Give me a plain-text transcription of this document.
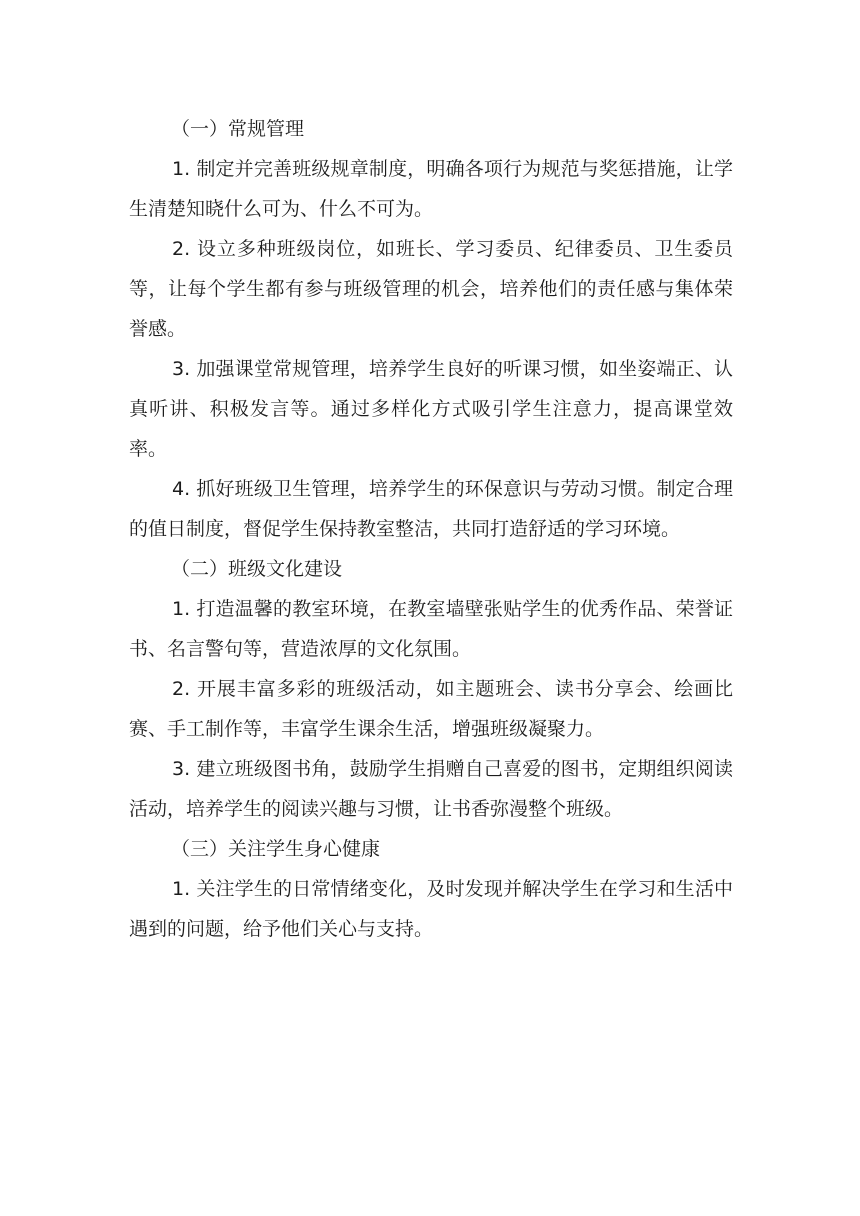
（一）常规管理

1. 制定并完善班级规章制度，明确各项行为规范与奖惩措施，让学生清楚知晓什么可为、什么不可为。

2. 设立多种班级岗位，如班长、学习委员、纪律委员、卫生委员等，让每个学生都有参与班级管理的机会，培养他们的责任感与集体荣誉感。

3. 加强课堂常规管理，培养学生良好的听课习惯，如坐姿端正、认真听讲、积极发言等。通过多样化方式吸引学生注意力，提高课堂效率。

4. 抓好班级卫生管理，培养学生的环保意识与劳动习惯。制定合理的值日制度，督促学生保持教室整洁，共同打造舒适的学习环境。

（二）班级文化建设

1. 打造温馨的教室环境，在教室墙壁张贴学生的优秀作品、荣誉证书、名言警句等，营造浓厚的文化氛围。

2. 开展丰富多彩的班级活动，如主题班会、读书分享会、绘画比赛、手工制作等，丰富学生课余生活，增强班级凝聚力。

3. 建立班级图书角，鼓励学生捐赠自己喜爱的图书，定期组织阅读活动，培养学生的阅读兴趣与习惯，让书香弥漫整个班级。

（三）关注学生身心健康

1. 关注学生的日常情绪变化，及时发现并解决学生在学习和生活中遇到的问题，给予他们关心与支持。
